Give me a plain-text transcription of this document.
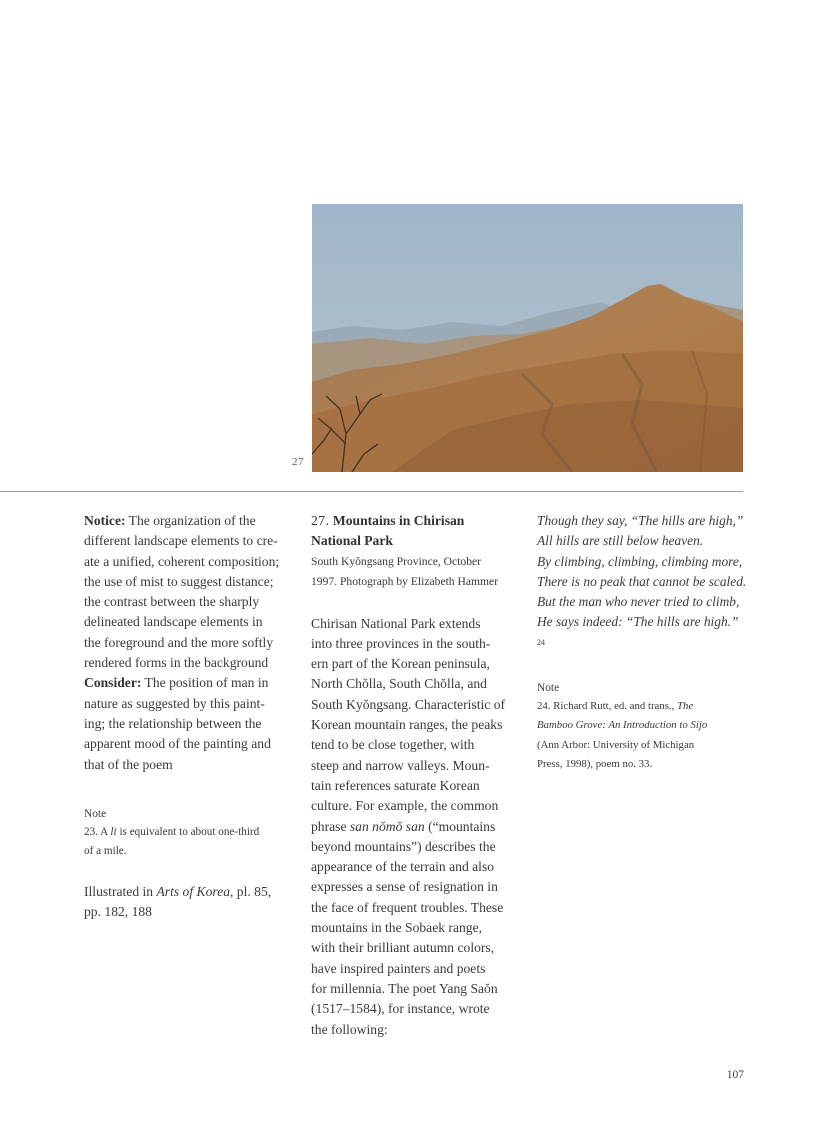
27

Notice: The organization of the
different landscape elements to cre-
ate a unified, coherent composition;
the use of mist to suggest distance;
the contrast between the sharply
delineated landscape elements in
the foreground and the more softly
rendered forms in the background
Consider: The position of man in
nature as suggested by this paint-
ing; the relationship between the
apparent mood of the painting and
that of the poem

Note

23. A li is equivalent to about one-third
of a mile.

Illustrated in Arts of Korea, pl. 85,
pp. 182, 188

27. Mountains in Chirisan
National Park

South Kyŏngsang Province, October
1997. Photograph by Elizabeth Hammer

Chirisan National Park extends
into three provinces in the south-
ern part of the Korean peninsula,
North Chŏlla, South Chŏlla, and
South Kyŏngsang. Characteristic of
Korean mountain ranges, the peaks
tend to be close together, with
steep and narrow valleys. Moun-
tain references saturate Korean
culture. For example, the common
phrase san nŏmŏ san (“mountains
beyond mountains”) describes the
appearance of the terrain and also
expresses a sense of resignation in
the face of frequent troubles. These
mountains in the Sobaek range,
with their brilliant autumn colors,
have inspired painters and poets
for millennia. The poet Yang Saŏn
(1517–1584), for instance, wrote
the following:

Though they say, “The hills are high,”
All hills are still below heaven.
By climbing, climbing, climbing more,
There is no peak that cannot be scaled.
But the man who never tried to climb,
He says indeed: “The hills are high.”
$^{24}$

Note

24. Richard Rutt, ed. and trans., The
Bamboo Grove: An Introduction to Sijo
(Ann Arbor: University of Michigan
Press, 1998), poem no. 33.

107
